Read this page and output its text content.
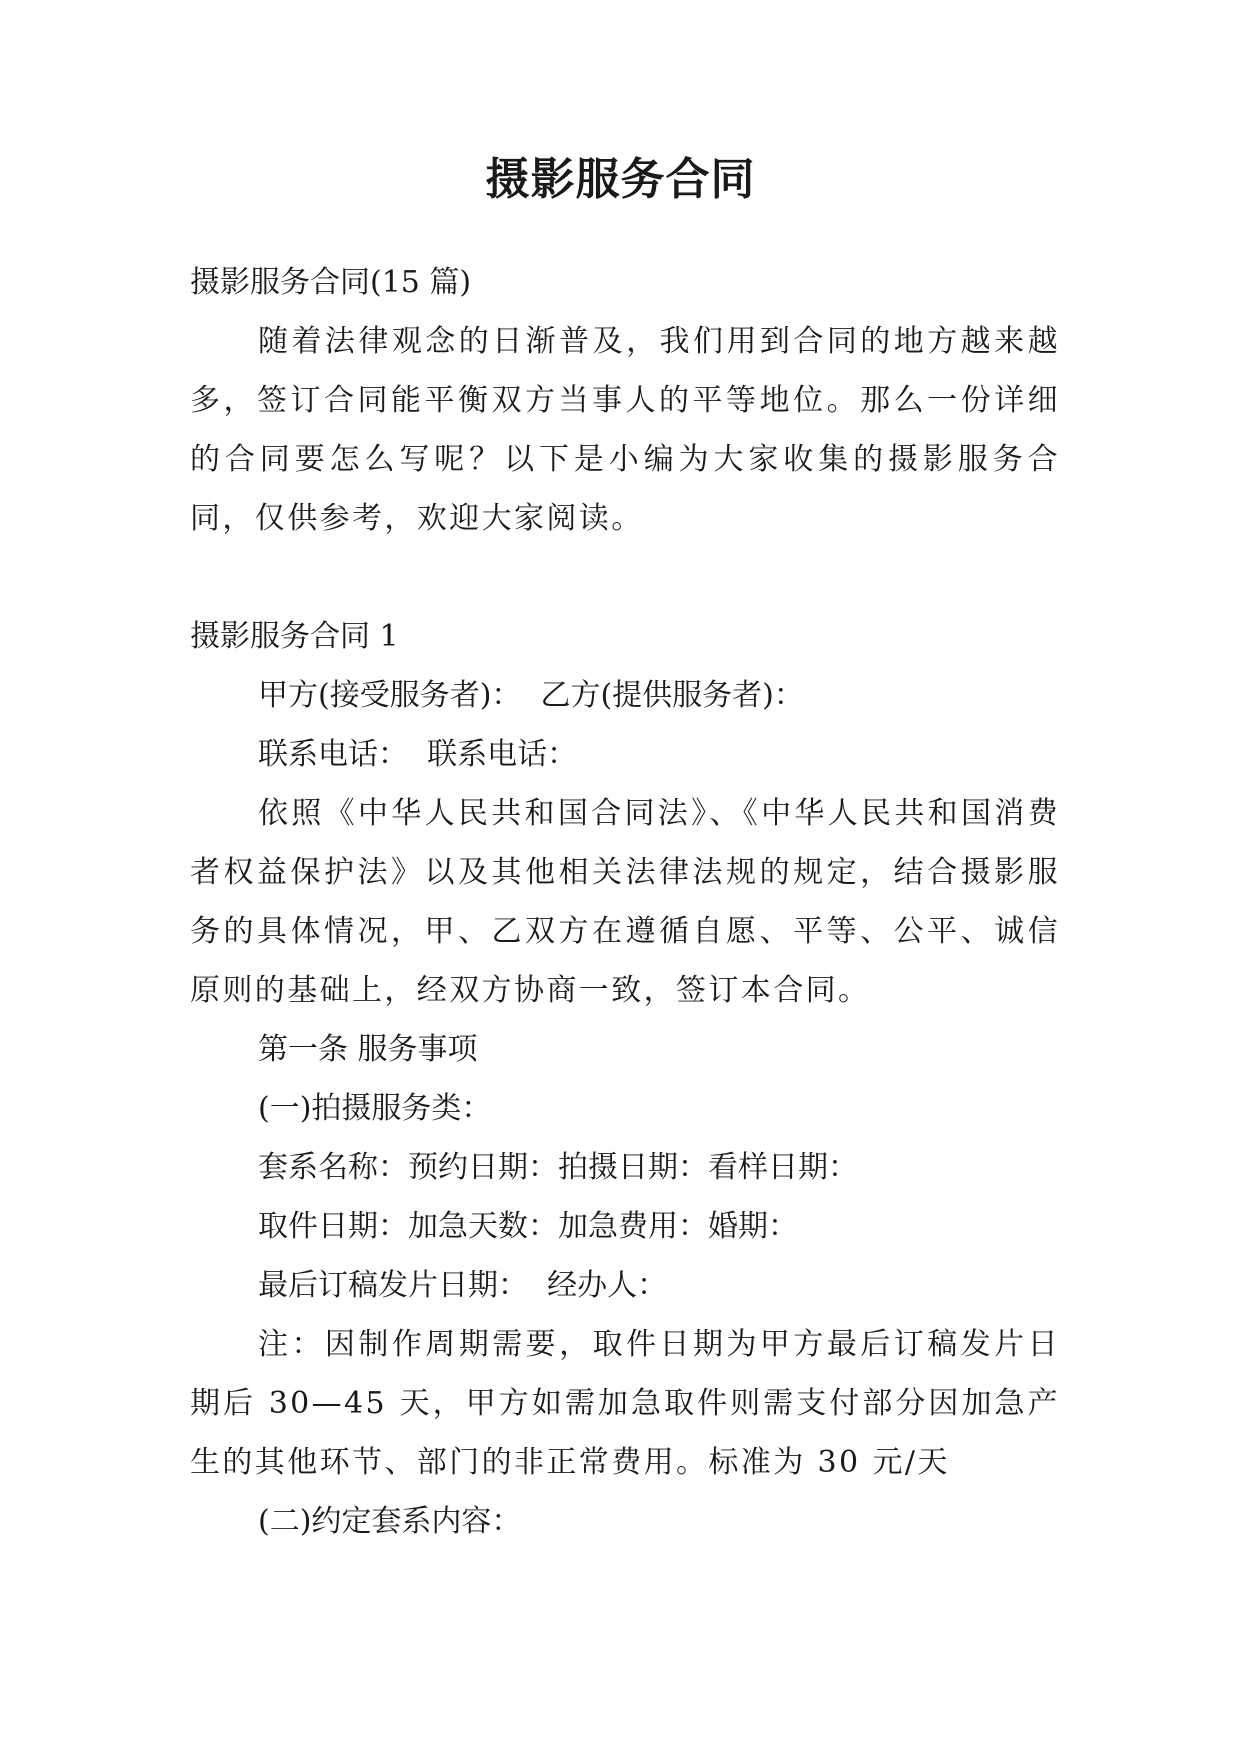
摄影服务合同

摄影服务合同(15 篇)

随着法律观念的日渐普及，我们用到合同的地方越来越多，签订合同能平衡双方当事人的平等地位。那么一份详细的合同要怎么写呢？以下是小编为大家收集的摄影服务合同，仅供参考，欢迎大家阅读。

摄影服务合同 1

甲方(接受服务者)：  乙方(提供服务者)：

联系电话：  联系电话：

依照《中华人民共和国合同法》、《中华人民共和国消费者权益保护法》以及其他相关法律法规的规定，结合摄影服务的具体情况，甲、乙双方在遵循自愿、平等、公平、诚信原则的基础上，经双方协商一致，签订本合同。

第一条 服务事项

(一)拍摄服务类：

套系名称：预约日期：拍摄日期：看样日期：

取件日期：加急天数：加急费用：婚期：

最后订稿发片日期：  经办人：

注：因制作周期需要，取件日期为甲方最后订稿发片日期后 30—45 天，甲方如需加急取件则需支付部分因加急产生的其他环节、部门的非正常费用。标准为 30 元/天

(二)约定套系内容：
